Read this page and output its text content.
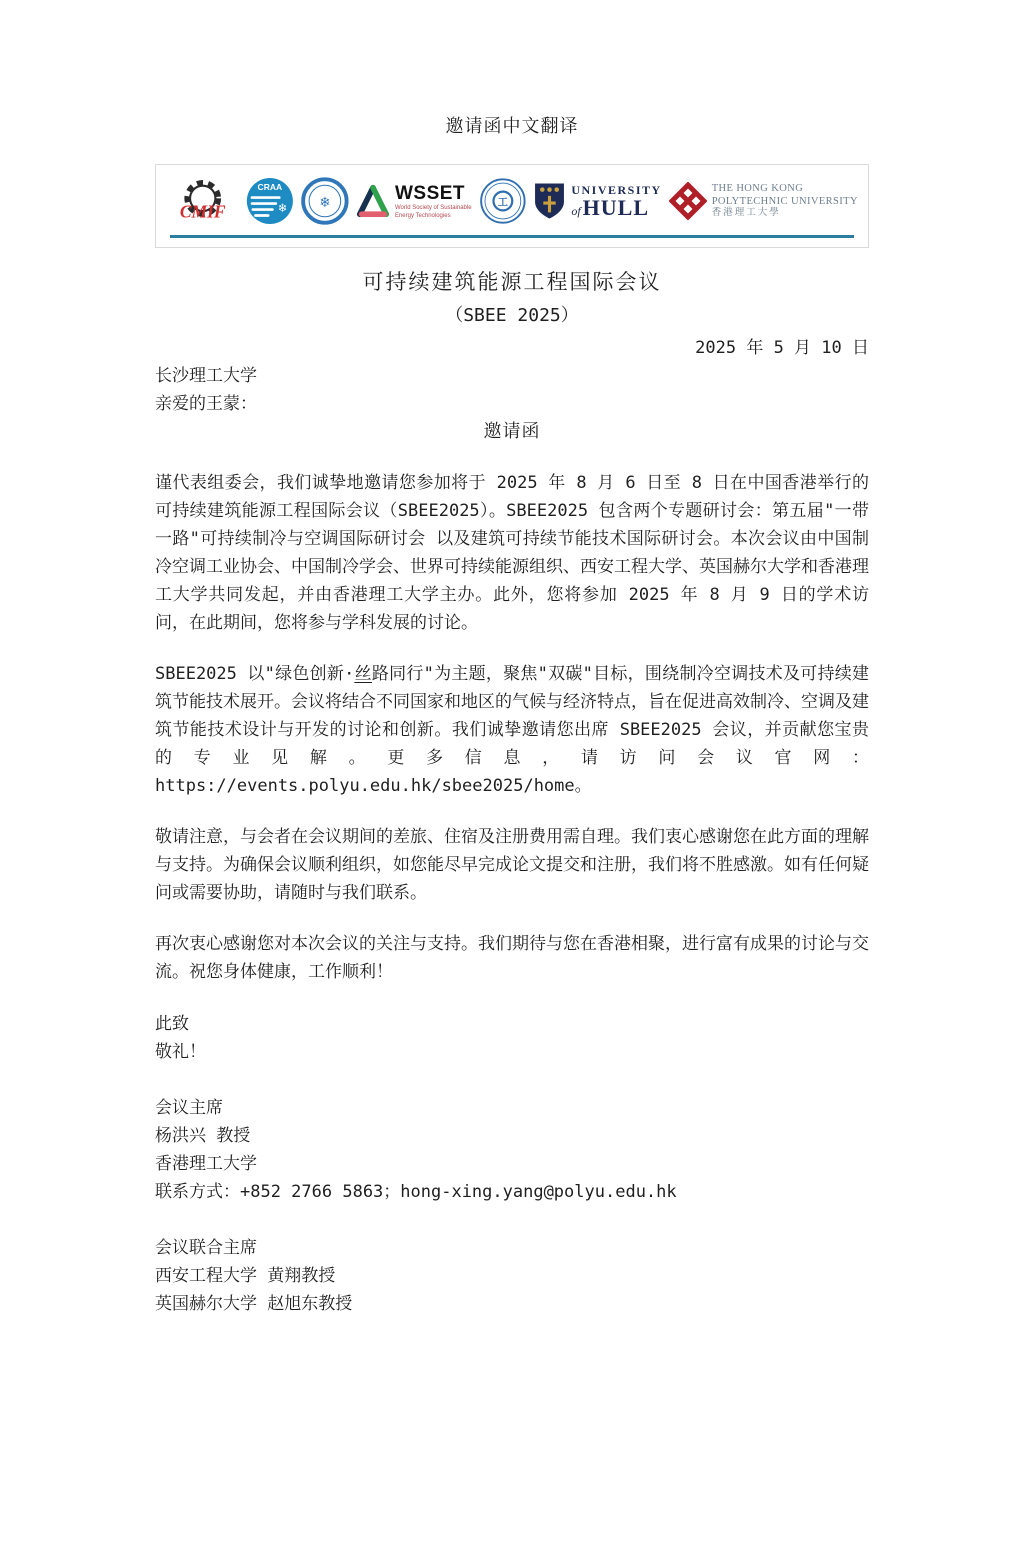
邀请函中文翻译
CMIF
CRAA
❄ ❄	WSSET
World Society of Sustainable
Energy Technologies
工
UNIVERSITY
of HULL
THE HONG KONG
POLYTECHNIC UNIVERSITY
香港理工大學
可持续建筑能源工程国际会议
（SBEE 2025）
2025 年 5 月 10 日
长沙理工大学
亲爱的王蒙：
邀请函

谨代表组委会，我们诚挚地邀请您参加将于 2025 年 8 月 6 日至 8 日在中国香港举行的可持续建筑能源工程国际会议（SBEE2025）。SBEE2025 包含两个专题研讨会：第五届"一带一路"可持续制冷与空调国际研讨会 以及建筑可持续节能技术国际研讨会。本次会议由中国制冷空调工业协会、中国制冷学会、世界可持续能源组织、西安工程大学、英国赫尔大学和香港理工大学共同发起，并由香港理工大学主办。此外，您将参加 2025 年 8 月 9 日的学术访问，在此期间，您将参与学科发展的讨论。

SBEE2025 以"绿色创新·丝路同行"为主题，聚焦"双碳"目标，围绕制冷空调技术及可持续建筑节能技术展开。会议将结合不同国家和地区的气候与经济特点，旨在促进高效制冷、空调及建筑节能技术设计与开发的讨论和创新。我们诚挚邀请您出席 SBEE2025 会议，并贡献您宝贵的专业见解。更多信息，请访问会议官网：https://events.polyu.edu.hk/sbee2025/home。

敬请注意，与会者在会议期间的差旅、住宿及注册费用需自理。我们衷心感谢您在此方面的理解与支持。为确保会议顺利组织，如您能尽早完成论文提交和注册，我们将不胜感激。如有任何疑问或需要协助，请随时与我们联系。

再次衷心感谢您对本次会议的关注与支持。我们期待与您在香港相聚，进行富有成果的讨论与交流。祝您身体健康，工作顺利！

此致
敬礼！
会议主席
杨洪兴 教授
香港理工大学
联系方式：+852 2766 5863；hong-xing.yang@polyu.edu.hk
会议联合主席
西安工程大学 黄翔教授
英国赫尔大学 赵旭东教授
